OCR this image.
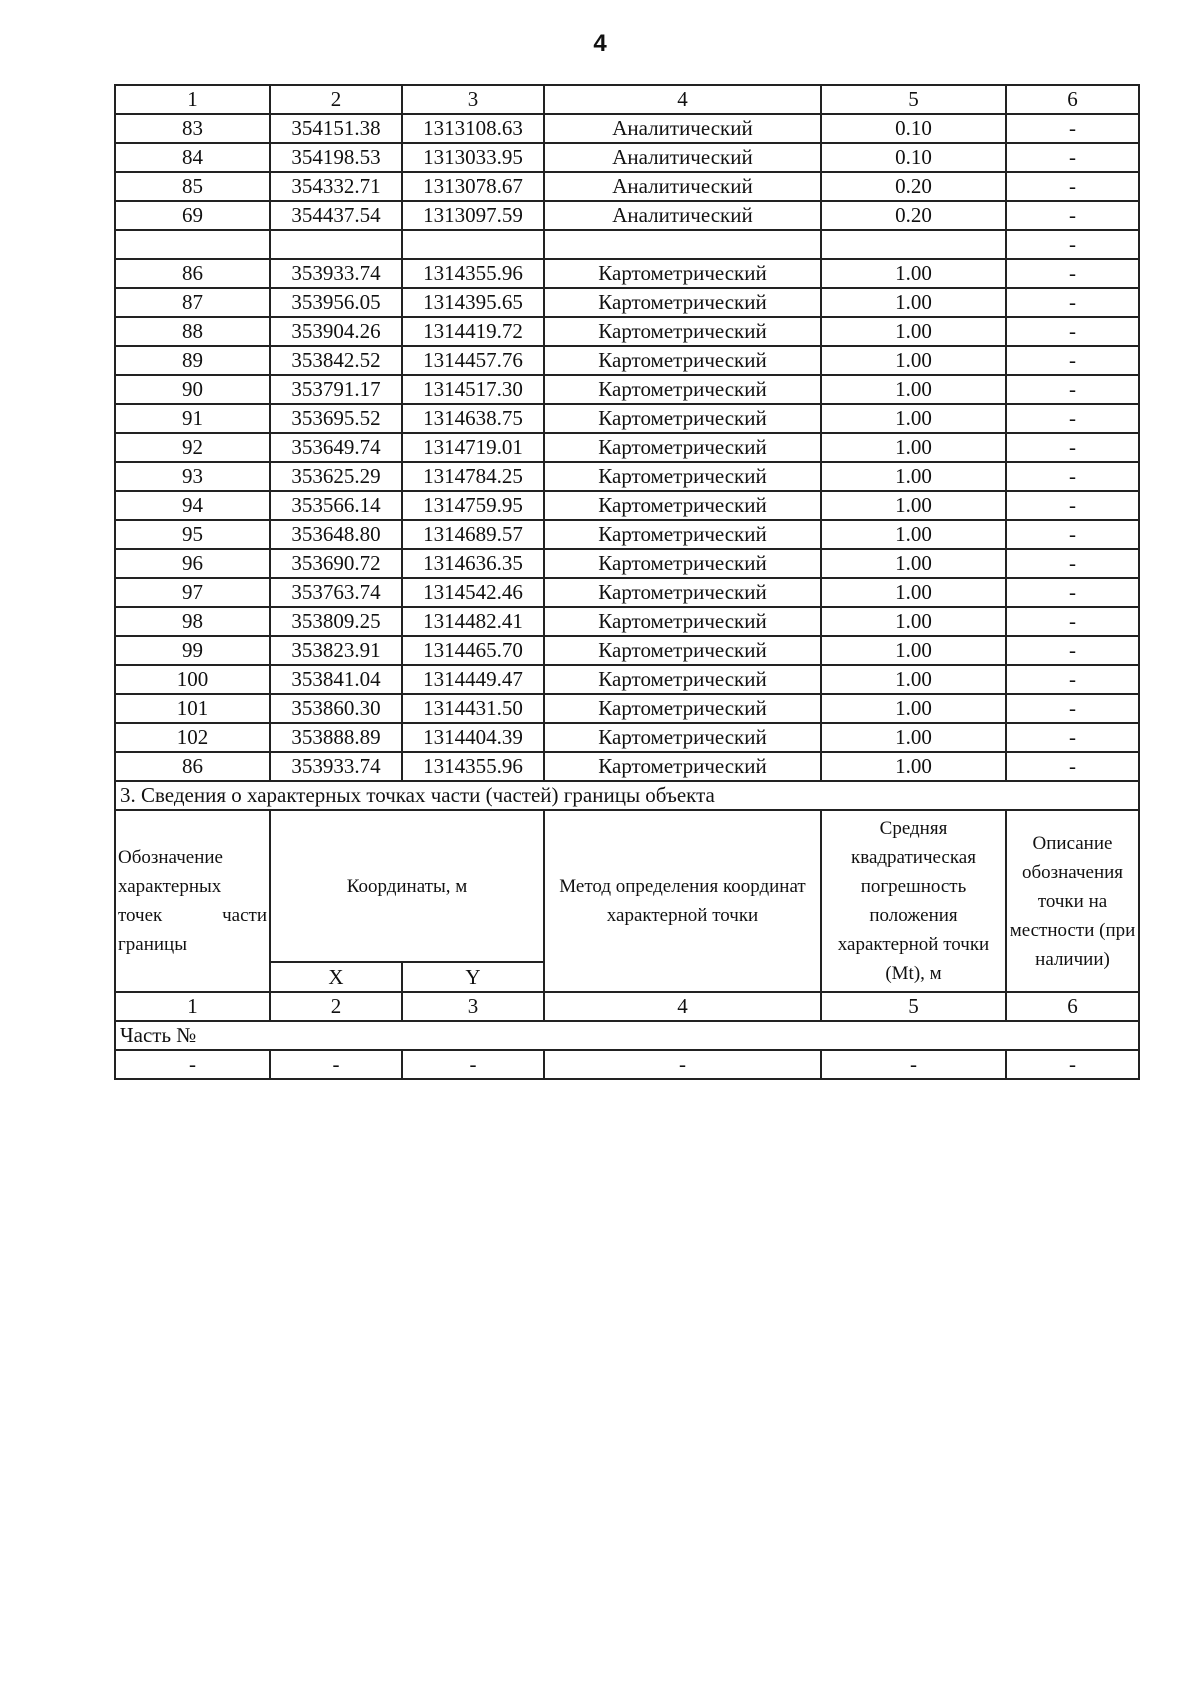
4
1	2	3	4	5	6
83	354151.38	1313108.63	Аналитический	0.10	-
84	354198.53	1313033.95	Аналитический	0.10	-
85	354332.71	1313078.67	Аналитический	0.20	-
69	354437.54	1313097.59	Аналитический	0.20	-
					-
86	353933.74	1314355.96	Картометрический	1.00	-
87	353956.05	1314395.65	Картометрический	1.00	-
88	353904.26	1314419.72	Картометрический	1.00	-
89	353842.52	1314457.76	Картометрический	1.00	-
90	353791.17	1314517.30	Картометрический	1.00	-
91	353695.52	1314638.75	Картометрический	1.00	-
92	353649.74	1314719.01	Картометрический	1.00	-
93	353625.29	1314784.25	Картометрический	1.00	-
94	353566.14	1314759.95	Картометрический	1.00	-
95	353648.80	1314689.57	Картометрический	1.00	-
96	353690.72	1314636.35	Картометрический	1.00	-
97	353763.74	1314542.46	Картометрический	1.00	-
98	353809.25	1314482.41	Картометрический	1.00	-
99	353823.91	1314465.70	Картометрический	1.00	-
100	353841.04	1314449.47	Картометрический	1.00	-
101	353860.30	1314431.50	Картометрический	1.00	-
102	353888.89	1314404.39	Картометрический	1.00	-
86	353933.74	1314355.96	Картометрический	1.00	-
3. Сведения о характерных точках части (частей) границы объекта					

Обозначение
характерных
точек части
границы	Координаты, м		Метод определения координат характерной точки	Средняя квадратическая погрешность положения характерной точки (Mt), м	Описание обозначения точки на местности (при наличии)
	X	Y			
1	2	3	4	5	6
Часть №					
-	-	-	-	-	-
